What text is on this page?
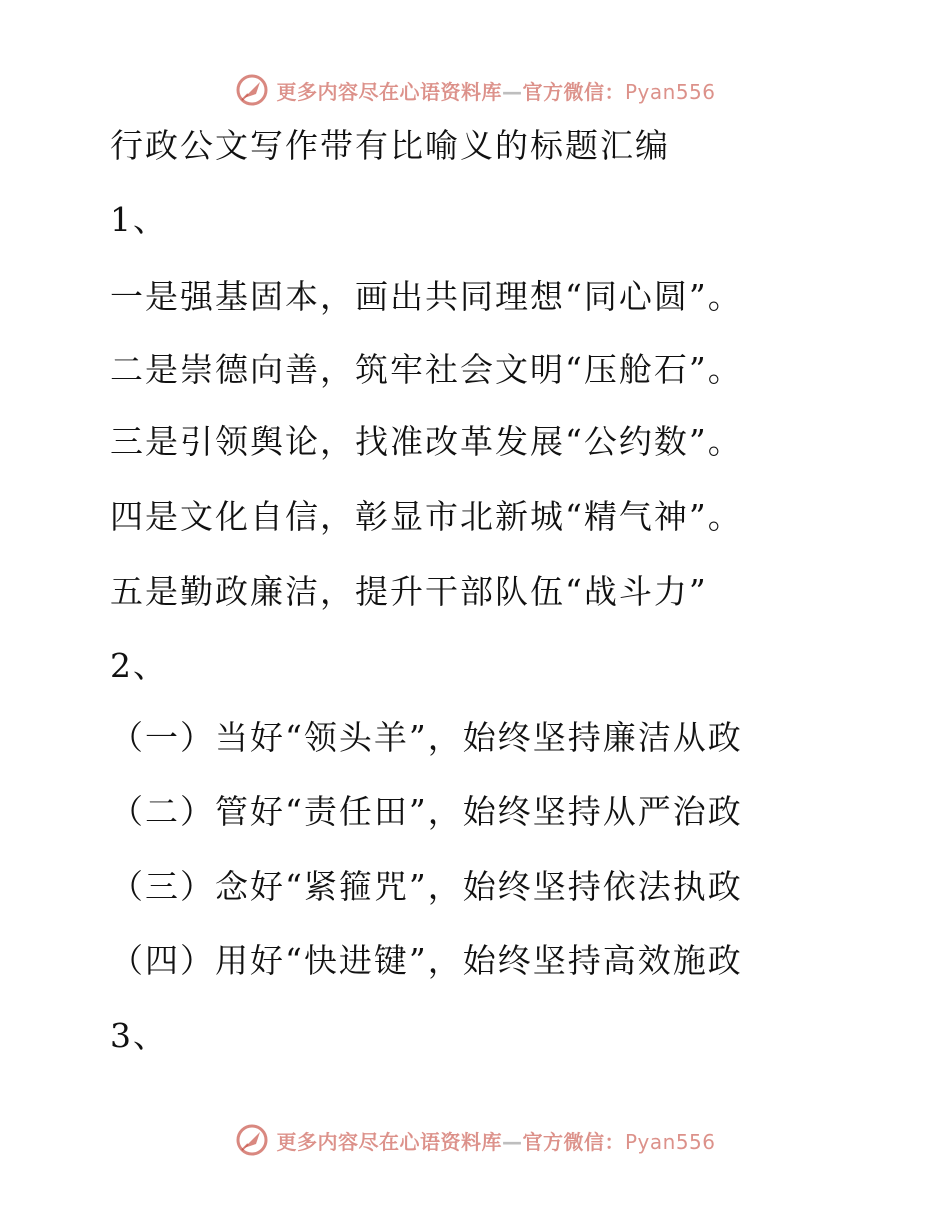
更多内容尽在心语资料库—官方微信：Pyan556
行政公文写作带有比喻义的标题汇编
1、
一是强基固本，画出共同理想“同心圆”。
二是崇德向善，筑牢社会文明“压舱石”。
三是引领舆论，找准改革发展“公约数”。
四是文化自信，彰显市北新城“精气神”。
五是勤政廉洁，提升干部队伍“战斗力”
2、
（一）当好“领头羊”，始终坚持廉洁从政
（二）管好“责任田”，始终坚持从严治政
（三）念好“紧箍咒”，始终坚持依法执政
（四）用好“快进键”，始终坚持高效施政
3、
更多内容尽在心语资料库—官方微信：Pyan556
